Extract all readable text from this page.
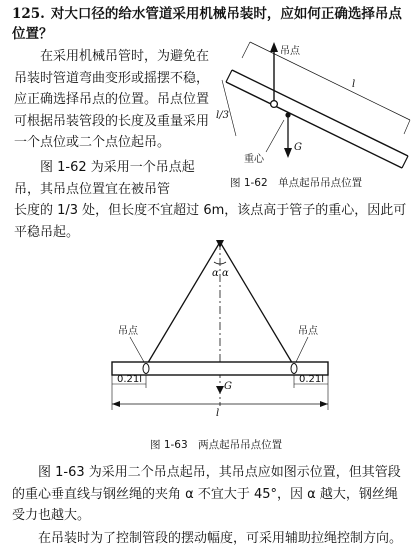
125. 对大口径的给水管道采用机械吊装时，应如何正确选择吊点位置？
在采用机械吊管时，为避免在吊装时管道弯曲变形或摇摆不稳，应正确选择吊点的位置。吊点位置可根据吊装管段的长度及重量采用一个点位或二个点位起吊。
l
l/3
吊点
G
重心
图 1-62　单点起吊吊点位置
图 1-62 为采用一个吊点起吊，其吊点位置宜在被吊管
长度的 1/3 处，但长度不宜超过 6m，该点高于管子的重心，因此可平稳吊起。
α α
吊点	吊点
G
0.21l	0.21l
l
图 1-63　两点起吊吊点位置
图 1-63 为采用二个吊点起吊，其吊点应如图示位置，但其管段的重心垂直线与钢丝绳的夹角 α 不宜大于 45°，因 α 越大，钢丝绳受力也越大。
在吊装时为了控制管段的摆动幅度，可采用辅助拉绳控制方向。
